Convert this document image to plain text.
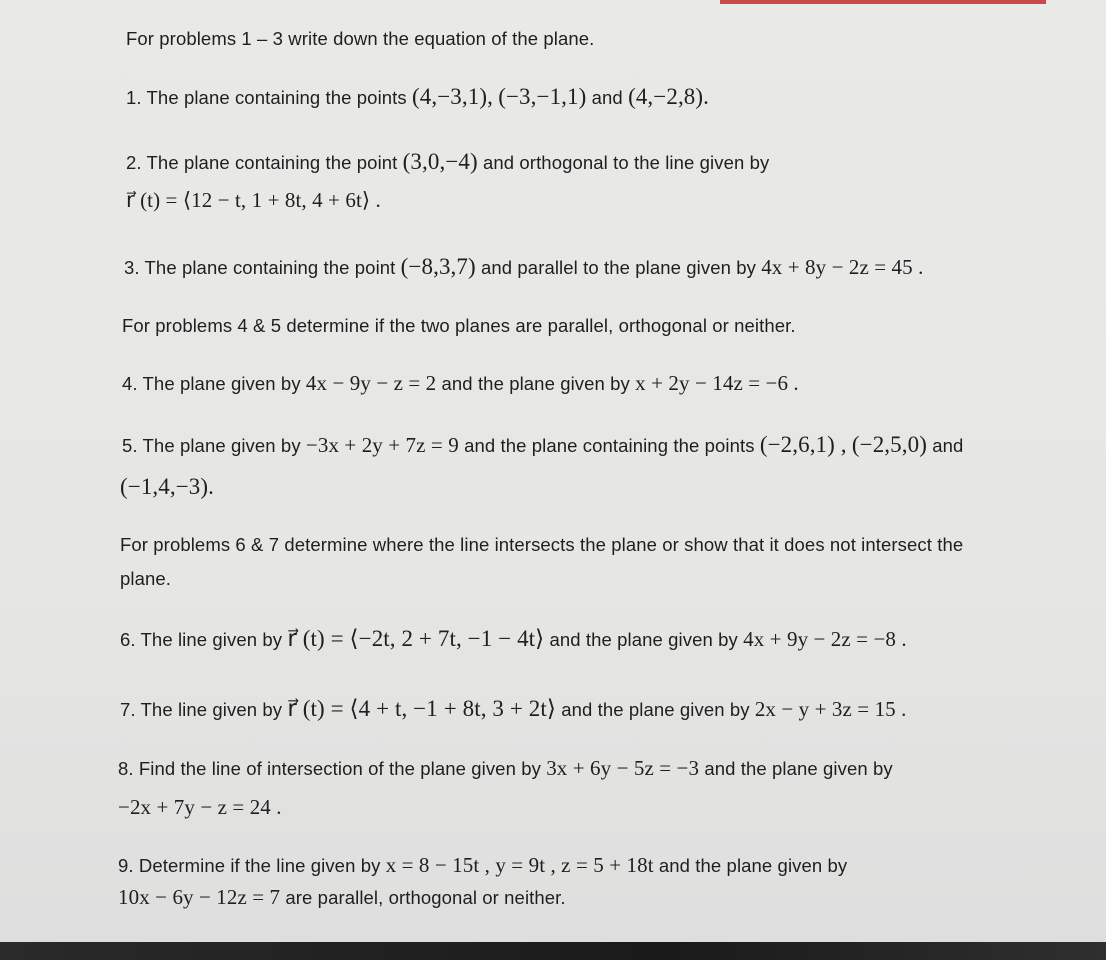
For problems 1 – 3 write down the equation of the plane.
1. The plane containing the points (4,−3,1), (−3,−1,1) and (4,−2,8).
2. The plane containing the point (3,0,−4) and orthogonal to the line given by
r⃗ (t) = ⟨12 − t, 1 + 8t, 4 + 6t⟩ .
3. The plane containing the point (−8,3,7) and parallel to the plane given by 4x + 8y − 2z = 45 .
For problems 4 & 5 determine if the two planes are parallel, orthogonal or neither.
4. The plane given by 4x − 9y − z = 2 and the plane given by x + 2y − 14z = −6 .
5. The plane given by −3x + 2y + 7z = 9 and the plane containing the points (−2,6,1) , (−2,5,0) and
(−1,4,−3).
For problems 6 & 7 determine where the line intersects the plane or show that it does not intersect the
plane.
6. The line given by r⃗ (t) = ⟨−2t, 2 + 7t, −1 − 4t⟩ and the plane given by 4x + 9y − 2z = −8 .
7. The line given by r⃗ (t) = ⟨4 + t, −1 + 8t, 3 + 2t⟩ and the plane given by 2x − y + 3z = 15 .
8. Find the line of intersection of the plane given by 3x + 6y − 5z = −3 and the plane given by
−2x + 7y − z = 24 .
9. Determine if the line given by x = 8 − 15t , y = 9t , z = 5 + 18t and the plane given by
10x − 6y − 12z = 7 are parallel, orthogonal or neither.
